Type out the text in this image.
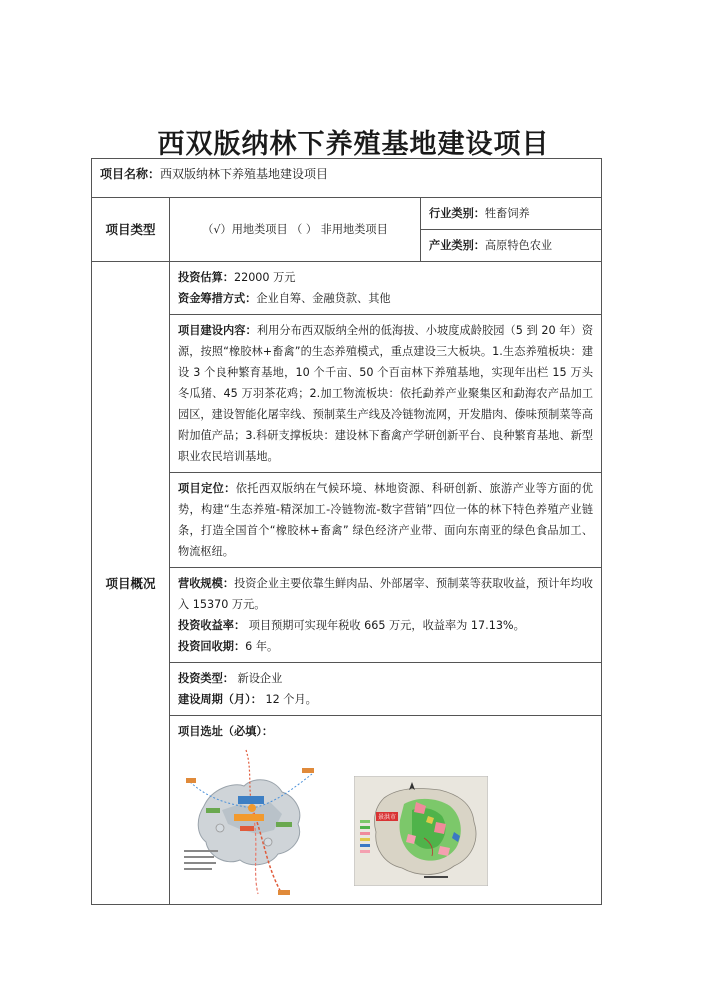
西双版纳林下养殖基地建设项目
项目名称：西双版纳林下养殖基地建设项目		
项目类型	（√）用地类项目 （ ） 非用地类项目	行业类别：牲畜饲养
		产业类别：高原特色农业
项目概况	投资估算：22000 万元
资金筹措方式：企业自筹、金融贷款、其他	

	项目建设内容：利用分布西双版纳全州的低海拔、小坡度成龄胶园（5 到 20 年）资源，按照“橡胶林+畜禽”的生态养殖模式，重点建设三大板块。1.生态养殖板块：建设 3 个良种繁育基地，10 个千亩、50 个百亩林下养殖基地，实现年出栏 15 万头冬瓜猪、45 万羽茶花鸡；2.加工物流板块：依托勐养产业聚集区和勐海农产品加工园区，建设智能化屠宰线、预制菜生产线及冷链物流网，开发腊肉、傣味预制菜等高附加值产品；3.科研支撑板块：建设林下畜禽产学研创新平台、良种繁育基地、新型职业农民培训基地。	
	项目定位：依托西双版纳在气候环境、林地资源、科研创新、旅游产业等方面的优势，构建“生态养殖-精深加工-冷链物流-数字营销”四位一体的林下特色养殖产业链条，打造全国首个“橡胶林+畜禽” 绿色经济产业带、面向东南亚的绿色食品加工、物流枢纽。	

	营收规模：投资企业主要依靠生鲜肉品、外部屠宰、预制菜等获取收益，预计年均收入 15370 万元。
投资收益率： 项目预期可实现年税收 665 万元，收益率为 17.13%。
投资回收期：6 年。	

	投资类型： 新设企业
建设周期（月）： 12 个月。	

	项目选址（必填）：
景洪市	
